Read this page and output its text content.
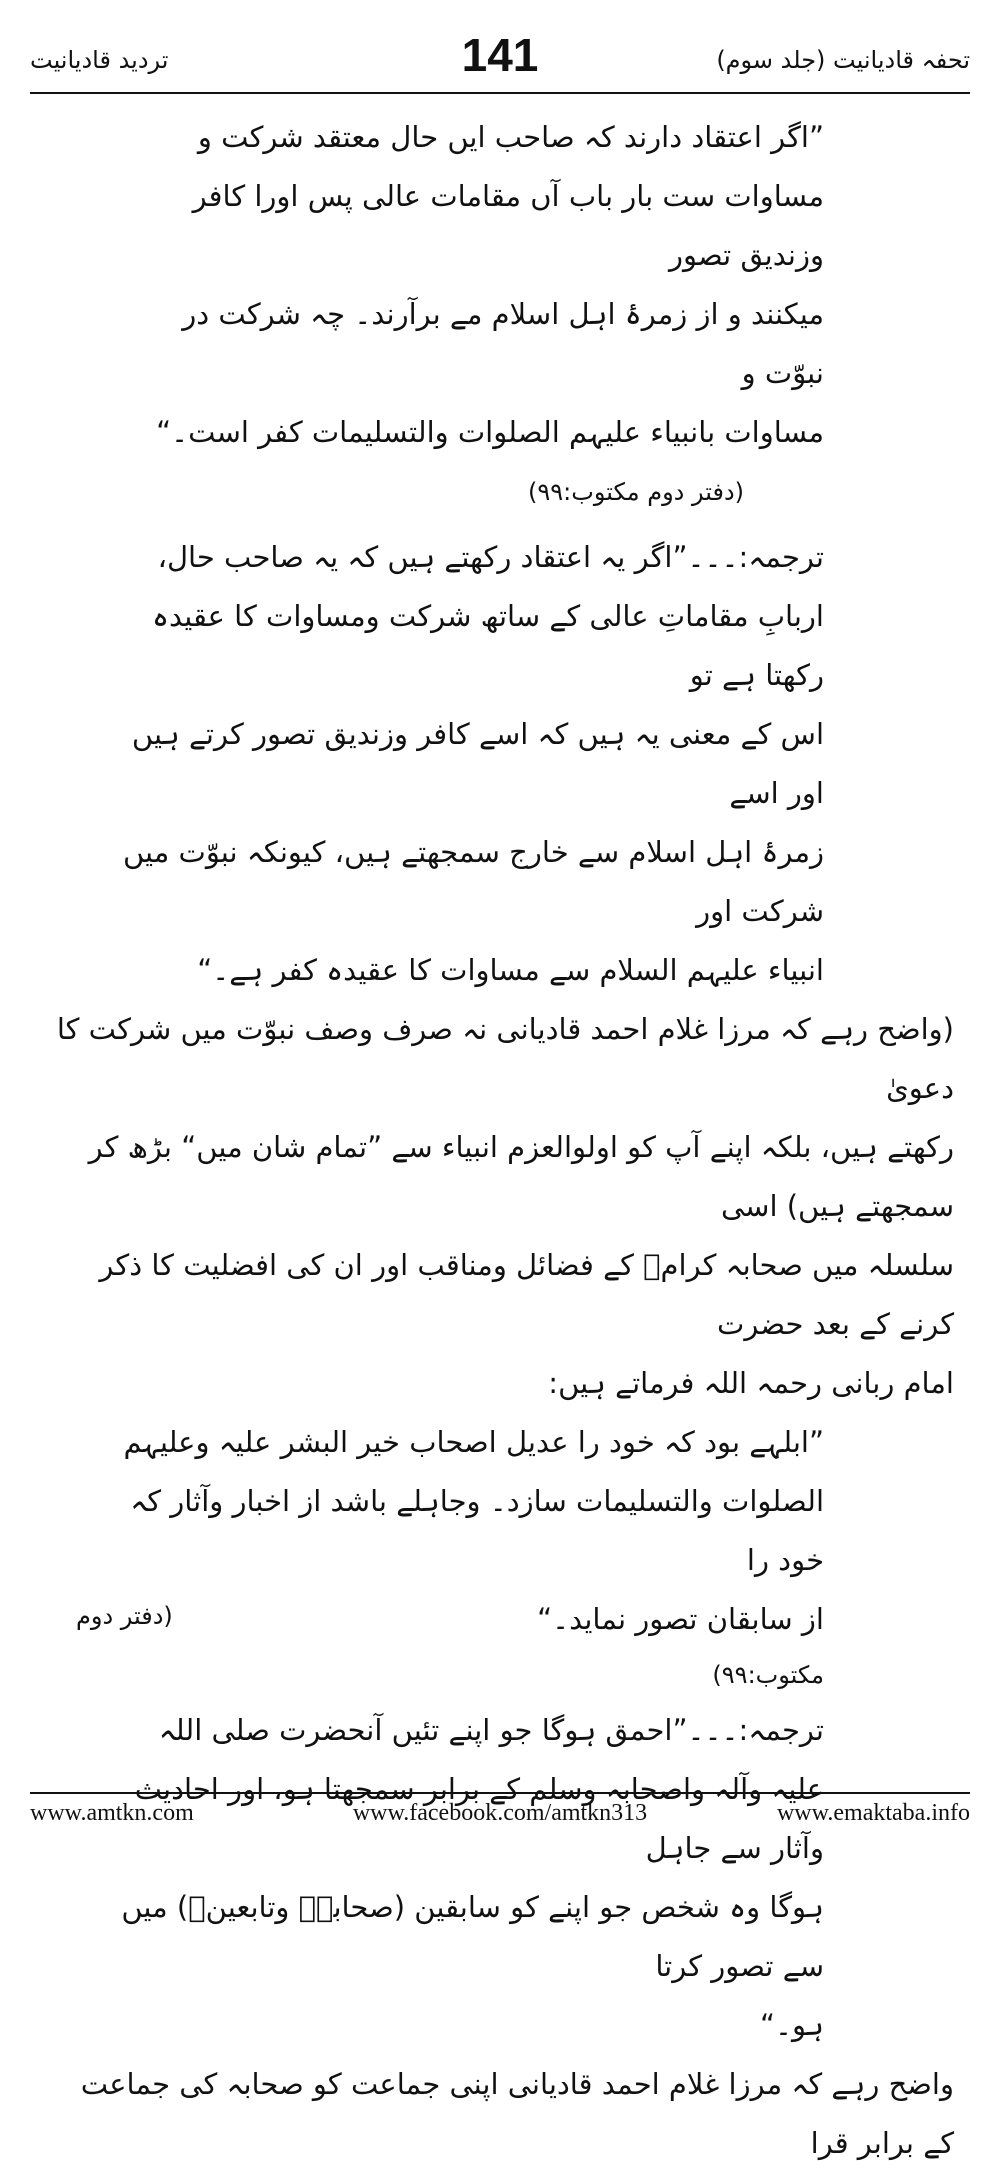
تردید قادیانیت	141	تحفہ قادیانیت (جلد سوم)

”اگر اعتقاد دارند کہ صاحب ایں حال معتقد شرکت و

مساوات ست بار باب آں مقامات عالی پس اورا کافر وزندیق تصور

میکنند و از زمرۂ اہل اسلام مے برآرند۔ چہ شرکت در نبوّت و

مساوات بانبیاء علیہم الصلوات والتسلیمات کفر است۔“

(دفتر دوم مکتوب:۹۹)

ترجمہ:۔۔۔”اگر یہ اعتقاد رکھتے ہیں کہ یہ صاحب حال،

اربابِ مقاماتِ عالی کے ساتھ شرکت ومساوات کا عقیدہ رکھتا ہے تو

اس کے معنی یہ ہیں کہ اسے کافر وزندیق تصور کرتے ہیں اور اسے

زمرۂ اہل اسلام سے خارج سمجھتے ہیں، کیونکہ نبوّت میں شرکت اور

انبیاء علیہم السلام سے مساوات کا عقیدہ کفر ہے۔“

(واضح رہے کہ مرزا غلام احمد قادیانی نہ صرف وصف نبوّت میں شرکت کا دعویٰ

رکھتے ہیں، بلکہ اپنے آپ کو اولوالعزم انبیاء سے ”تمام شان میں“ بڑھ کر سمجھتے ہیں) اسی

سلسلہ میں صحابہ کرامؓ کے فضائل ومناقب اور ان کی افضلیت کا ذکر کرنے کے بعد حضرت

امام ربانی رحمہ اللہ فرماتے ہیں:

”ابلہے بود کہ خود را عدیل اصحاب خیر البشر علیہ وعلیہم

الصلوات والتسلیمات سازد۔ وجاہلے باشد از اخبار وآثار کہ خود را

از سابقان تصور نماید۔“
(دفتر دوم

مکتوب:۹۹)

ترجمہ:۔۔۔”احمق ہوگا جو اپنے تئیں آنحضرت صلی اللہ

علیہ وآلہ واصحابہ وسلم کے برابر سمجھتا ہو، اور احادیث وآثار سے جاہل

ہوگا وہ شخص جو اپنے کو سابقین (صحابہؓ وتابعینؒ) میں سے تصور کرتا

ہو۔“

واضح رہے کہ مرزا غلام احمد قادیانی اپنی جماعت کو صحابہ کی جماعت کے برابر قرا

www.amtkn.com	www.facebook.com/amtkn313	www.emaktaba.info
